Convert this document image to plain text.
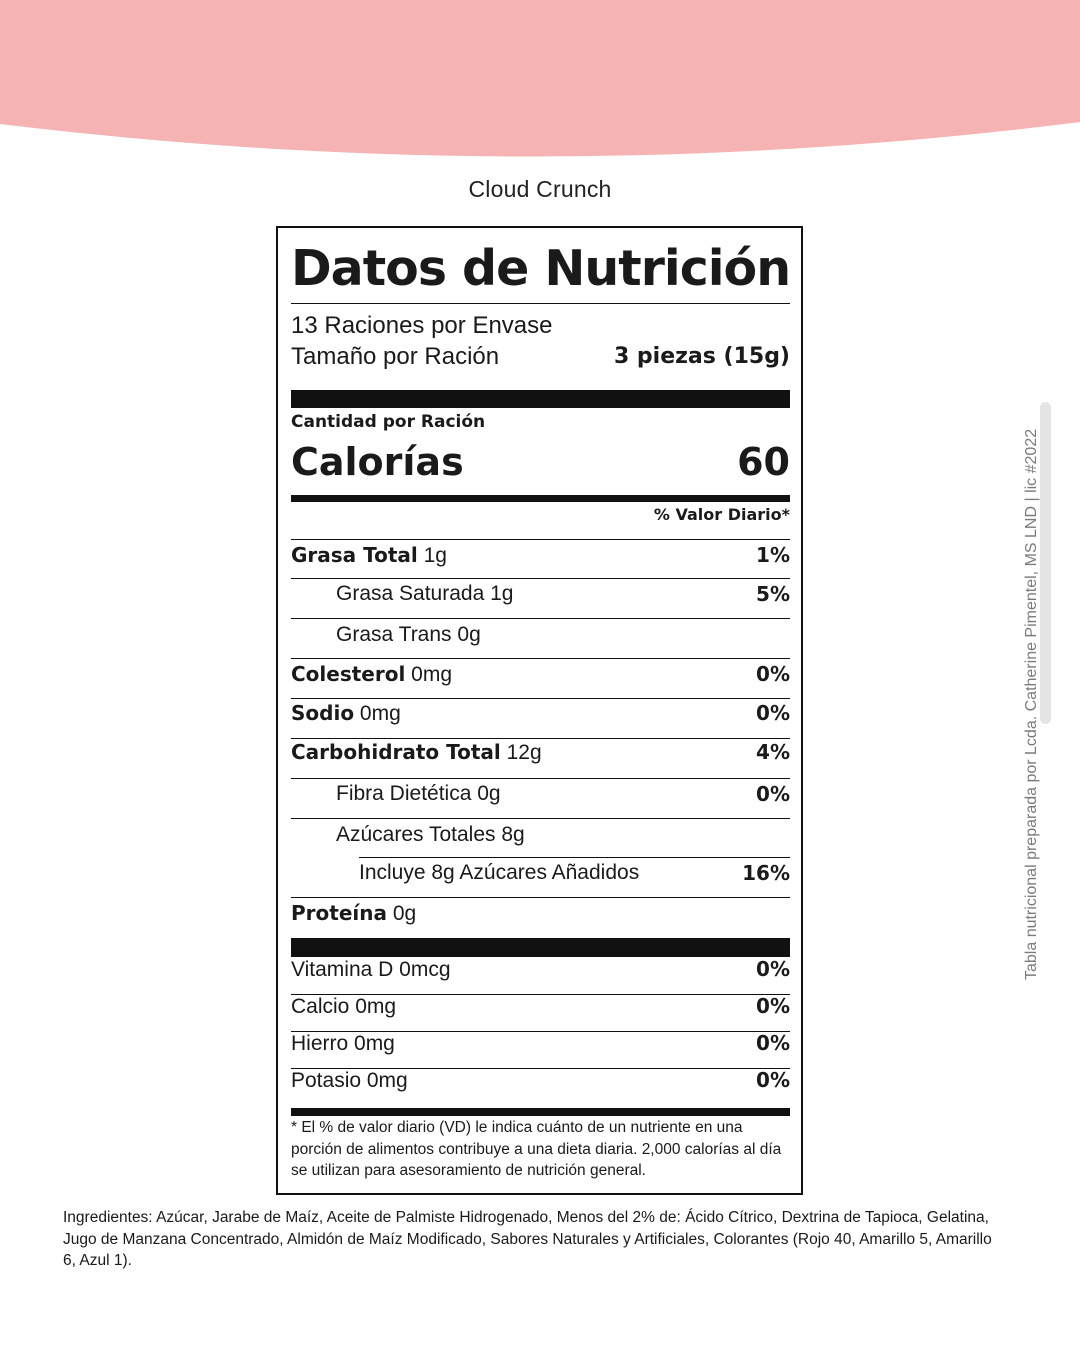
Cloud Crunch
Datos de Nutrición
13 Raciones por Envase
Tamaño por Ración	3 piezas (15g)
Cantidad por Ración
Calorías	60
% Valor Diario*
Grasa Total 1g	1%
Grasa Saturada 1g	5%
Grasa Trans 0g
Colesterol 0mg	0%
Sodio 0mg	0%
Carbohidrato Total 12g	4%
Fibra Dietética 0g	0%
Azúcares Totales 8g
Incluye 8g Azúcares Añadidos	16%
Proteína 0g
Vitamina D 0mcg	0%
Calcio 0mg	0%
Hierro 0mg	0%
Potasio 0mg	0%
* El % de valor diario (VD) le indica cuánto de un nutriente en una porción de alimentos contribuye a una dieta diaria. 2,000 calorías al día se utilizan para asesoramiento de nutrición general.
Ingredientes: Azúcar, Jarabe de Maíz, Aceite de Palmiste Hidrogenado, Menos del 2% de: Ácido Cítrico, Dextrina de Tapioca, Gelatina, Jugo de Manzana Concentrado, Almidón de Maíz Modificado, Sabores Naturales y Artificiales, Colorantes (Rojo 40, Amarillo 5, Amarillo 6, Azul 1).
Tabla nutricional preparada por Lcda. Catherine Pimentel, MS LND | lic #2022
